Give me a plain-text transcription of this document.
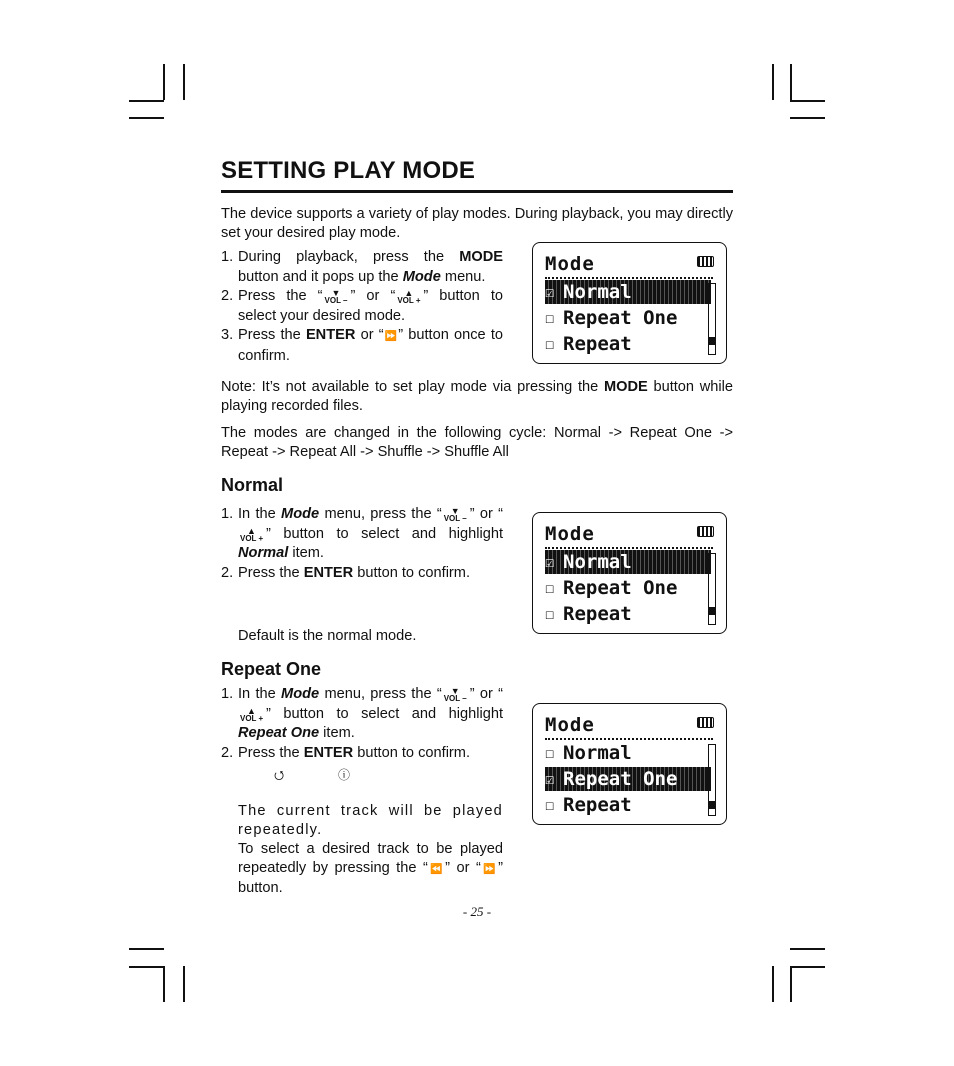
SETTING PLAY MODE
The device supports a variety of play modes. During playback, you may directly set your desired play mode.
1. During playback, press the MODE button and it pops up the Mode menu.
2. Press the “ ▼
VOL – ” or “ ▲
VOL + ” button to select your desired mode.
3. Press the ENTER or “⏩” button once to confirm.
Mode
☑ Normal
☐ Repeat One
☐ Repeat
Note: It’s not available to set play mode via pressing the MODE button while playing recorded files.
The modes are changed in the following cycle: Normal -> Repeat One -> Repeat -> Repeat All -> Shuffle -> Shuffle All
Normal
1. In the Mode menu, press the “ ▼
VOL – ” or “
▲
VOL + ” button to select and highlight Normal item.
2. Press the ENTER button to confirm.
Default is the normal mode.
Mode
☑ Normal
☐ Repeat One
☐ Repeat
Repeat One
1. In the Mode menu, press the “ ▼
VOL – ” or “
▲
VOL + ” button to select and highlight Repeat One item.
2. Press the ENTER button to confirm.
⭯	ⓘ
The current track will be played repeatedly.
To select a desired track to be played repeatedly by pressing the “⏪” or “⏩” button.
Mode
☐ Normal
☑ Repeat One
☐ Repeat
- 25 -
